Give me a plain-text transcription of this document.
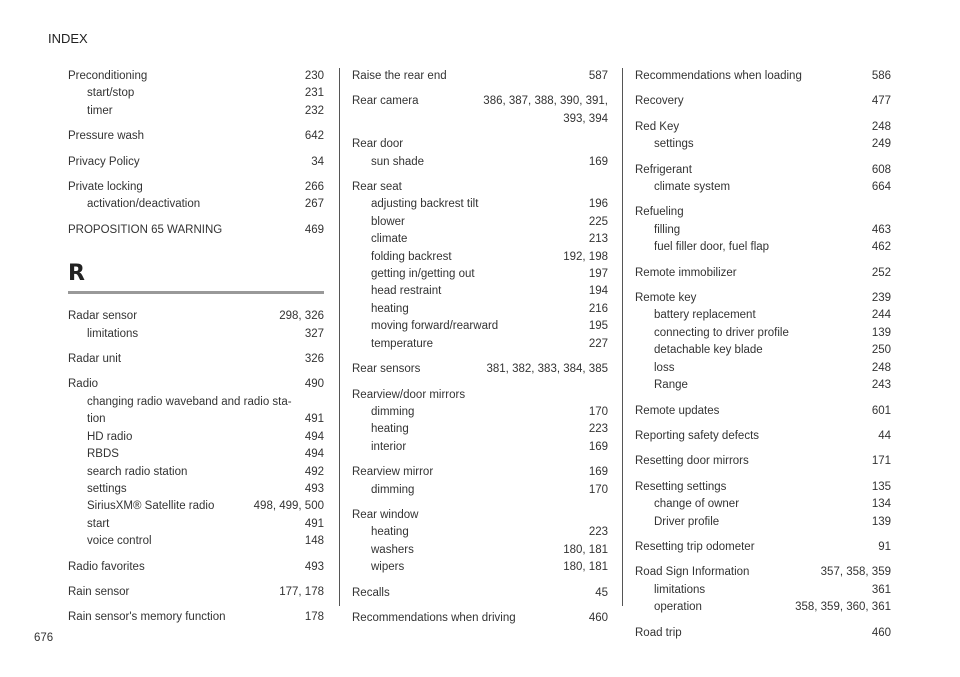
INDEX
Preconditioning	230
start/stop	231
timer	232
Pressure wash	642
Privacy Policy	34
Private locking	266
activation/deactivation	267
PROPOSITION 65 WARNING	469
R
Radar sensor	298, 326
limitations	327
Radar unit	326
Radio	490
changing radio waveband and radio sta-
tion	491
HD radio	494
RBDS	494
search radio station	492
settings	493
SiriusXM® Satellite radio	498, 499, 500
start	491
voice control	148
Radio favorites	493
Rain sensor	177, 178
Rain sensor's memory function	178
Raise the rear end	587
Rear camera	386, 387, 388, 390, 391,
393, 394
Rear door
sun shade	169
Rear seat
adjusting backrest tilt	196
blower	225
climate	213
folding backrest	192, 198
getting in/getting out	197
head restraint	194
heating	216
moving forward/rearward	195
temperature	227
Rear sensors	381, 382, 383, 384, 385
Rearview/door mirrors
dimming	170
heating	223
interior	169
Rearview mirror	169
dimming	170
Rear window
heating	223
washers	180, 181
wipers	180, 181
Recalls	45
Recommendations when driving	460
Recommendations when loading	586
Recovery	477
Red Key	248
settings	249
Refrigerant	608
climate system	664
Refueling
filling	463
fuel filler door, fuel flap	462
Remote immobilizer	252
Remote key	239
battery replacement	244
connecting to driver profile	139
detachable key blade	250
loss	248
Range	243
Remote updates	601
Reporting safety defects	44
Resetting door mirrors	171
Resetting settings	135
change of owner	134
Driver profile	139
Resetting trip odometer	91
Road Sign Information	357, 358, 359
limitations	361
operation	358, 359, 360, 361
Road trip	460
676
